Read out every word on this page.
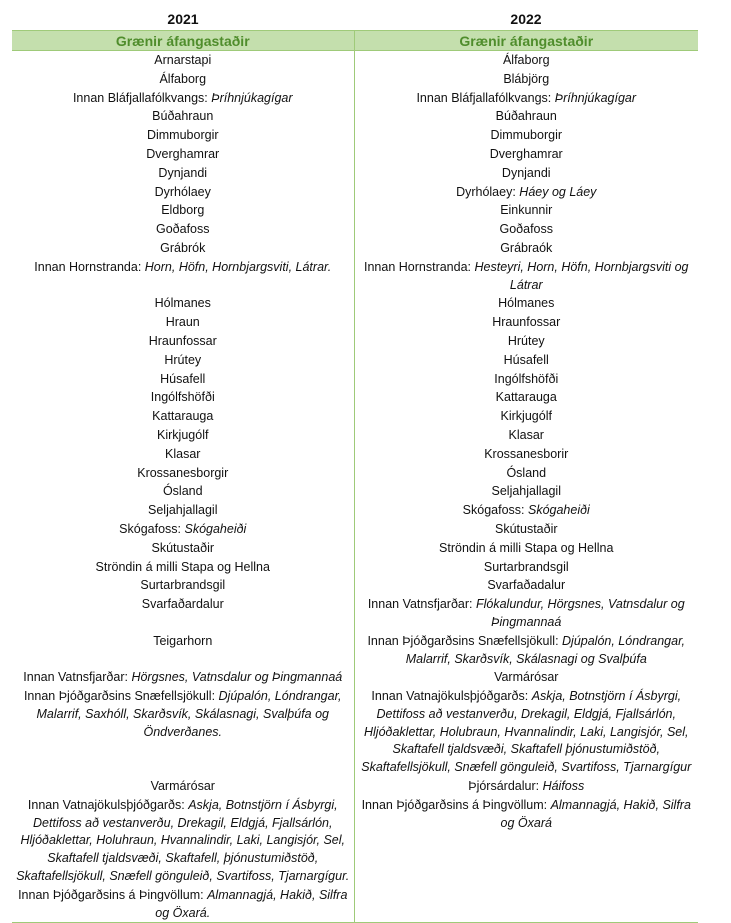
2021	2022
Grænir áfangastaðir	Grænir áfangastaðir
Arnarstapi	Álfaborg
Álfaborg	Blábjörg
Innan Bláfjallafólkvangs: Þríhnjúkagígar	Innan Bláfjallafólkvangs: Þríhnjúkagígar
Búðahraun	Búðahraun
Dimmuborgir	Dimmuborgir
Dverghamrar	Dverghamrar
Dynjandi	Dynjandi
Dyrhólaey	Dyrhólaey: Háey og Láey
Eldborg	Einkunnir
Goðafoss	Goðafoss
Grábrók	Grábraók
Innan Hornstranda: Horn, Höfn, Hornbjargsviti, Látrar.	Innan Hornstranda: Hesteyri, Horn, Höfn, Hornbjargsviti og Látrar
Hólmanes	Hólmanes
Hraun	Hraunfossar
Hraunfossar	Hrútey
Hrútey	Húsafell
Húsafell	Ingólfshöfði
Ingólfshöfði	Kattarauga
Kattarauga	Kirkjugólf
Kirkjugólf	Klasar
Klasar	Krossanesborir
Krossanesborgir	Ósland
Ósland	Seljahjallagil
Seljahjallagil	Skógafoss: Skógaheiði
Skógafoss: Skógaheiði	Skútustaðir
Skútustaðir	Ströndin á milli Stapa og Hellna
Ströndin á milli Stapa og Hellna	Surtarbrandsgil
Surtarbrandsgil	Svarfaðadalur
Svarfaðardalur	Innan Vatnsfjarðar: Flókalundur, Hörgsnes, Vatnsdalur og Þingmannaá
Teigarhorn	Innan Þjóðgarðsins Snæfellsjökull: Djúpalón, Lóndrangar, Malarrif, Skarðsvík, Skálasnagi og Svalþúfa
Innan Vatnsfjarðar: Hörgsnes, Vatnsdalur og Þingmannaá	Varmárósar
Innan Þjóðgarðsins Snæfellsjökull: Djúpalón, Lóndrangar, Malarrif, Saxhóll, Skarðsvík, Skálasnagi, Svalþúfa og Öndverðanes.	Innan Vatnajökulsþjóðgarðs: Askja, Botnstjörn í Ásbyrgi, Dettifoss að vestanverðu, Drekagil, Eldgjá, Fjallsárlón, Hljóðaklettar, Holubraun, Hvannalindir, Laki, Langisjór, Sel, Skaftafell tjaldsvæði, Skaftafell þjónustumiðstöð, Skaftafellsjökull, Snæfell gönguleið, Svartifoss, Tjarnargígur
Varmárósar	Þjórsárdalur: Háifoss
Innan Vatnajökulsþjóðgarðs: Askja, Botnstjörn í Ásbyrgi, Dettifoss að vestanverðu, Drekagil, Eldgjá, Fjallsárlón, Hljóðaklettar, Holuhraun, Hvannalindir, Laki, Langisjór, Sel, Skaftafell tjaldsvæði, Skaftafell, þjónustumiðstöð, Skaftafellsjökull, Snæfell gönguleið, Svartifoss, Tjarnargígur.	Innan Þjóðgarðsins á Þingvöllum: Almannagjá, Hakið, Silfra og Öxará
Innan Þjóðgarðsins á Þingvöllum: Almannagjá, Hakið, Silfra og Öxará.	
